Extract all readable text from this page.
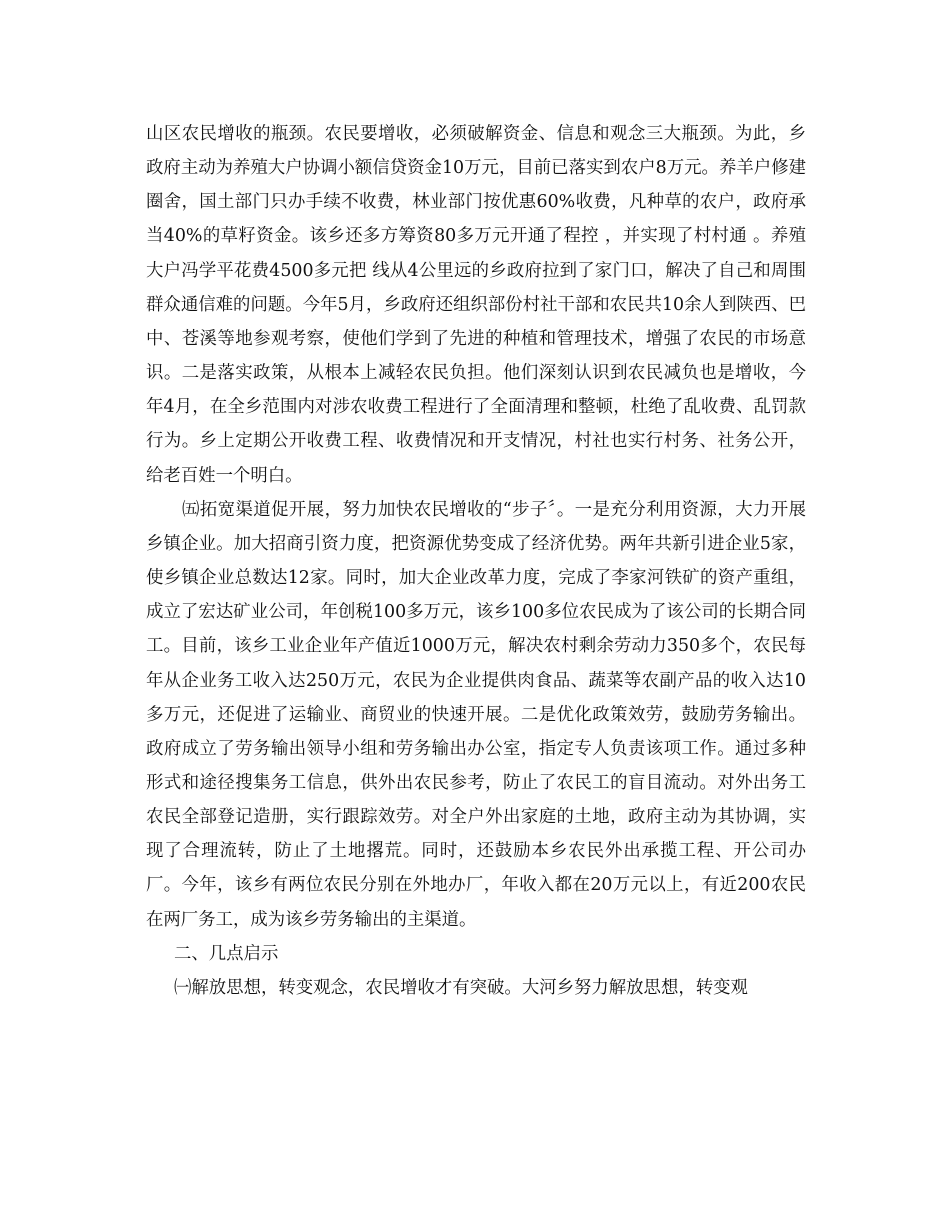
山区农民增收的瓶颈。农民要增收，必须破解资金、信息和观念三大瓶颈。为此，乡政府主动为养殖大户协调小额信贷资金10万元，目前已落实到农户8万元。养羊户修建圈舍，国土部门只办手续不收费，林业部门按优惠60%收费，凡种草的农户，政府承当40%的草籽资金。该乡还多方筹资80多万元开通了程控 ，并实现了村村通 。养殖大户冯学平花费4500多元把 线从4公里远的乡政府拉到了家门口，解决了自己和周围群众通信难的问题。今年5月，乡政府还组织部份村社干部和农民共10余人到陕西、巴中、苍溪等地参观考察，使他们学到了先进的种植和管理技术，增强了农民的市场意识。二是落实政策，从根本上减轻农民负担。他们深刻认识到农民减负也是增收，今年4月，在全乡范围内对涉农收费工程进行了全面清理和整顿，杜绝了乱收费、乱罚款行为。乡上定期公开收费工程、收费情况和开支情况，村社也实行村务、社务公开，给老百姓一个明白。

㈤拓宽渠道促开展，努力加快农民增收的“步子〞。一是充分利用资源，大力开展乡镇企业。加大招商引资力度，把资源优势变成了经济优势。两年共新引进企业5家，使乡镇企业总数达12家。同时，加大企业改革力度，完成了李家河铁矿的资产重组，成立了宏达矿业公司，年创税100多万元，该乡100多位农民成为了该公司的长期合同工。目前，该乡工业企业年产值近1000万元，解决农村剩余劳动力350多个，农民每年从企业务工收入达250万元，农民为企业提供肉食品、蔬菜等农副产品的收入达10多万元，还促进了运输业、商贸业的快速开展。二是优化政策效劳，鼓励劳务输出。政府成立了劳务输出领导小组和劳务输出办公室，指定专人负责该项工作。通过多种形式和途径搜集务工信息，供外出农民参考，防止了农民工的盲目流动。对外出务工农民全部登记造册，实行跟踪效劳。对全户外出家庭的土地，政府主动为其协调，实现了合理流转，防止了土地撂荒。同时，还鼓励本乡农民外出承揽工程、开公司办厂。今年，该乡有两位农民分别在外地办厂，年收入都在20万元以上，有近200农民在两厂务工，成为该乡劳务输出的主渠道。

二、几点启示

㈠解放思想，转变观念，农民增收才有突破。大河乡努力解放思想，转变观
